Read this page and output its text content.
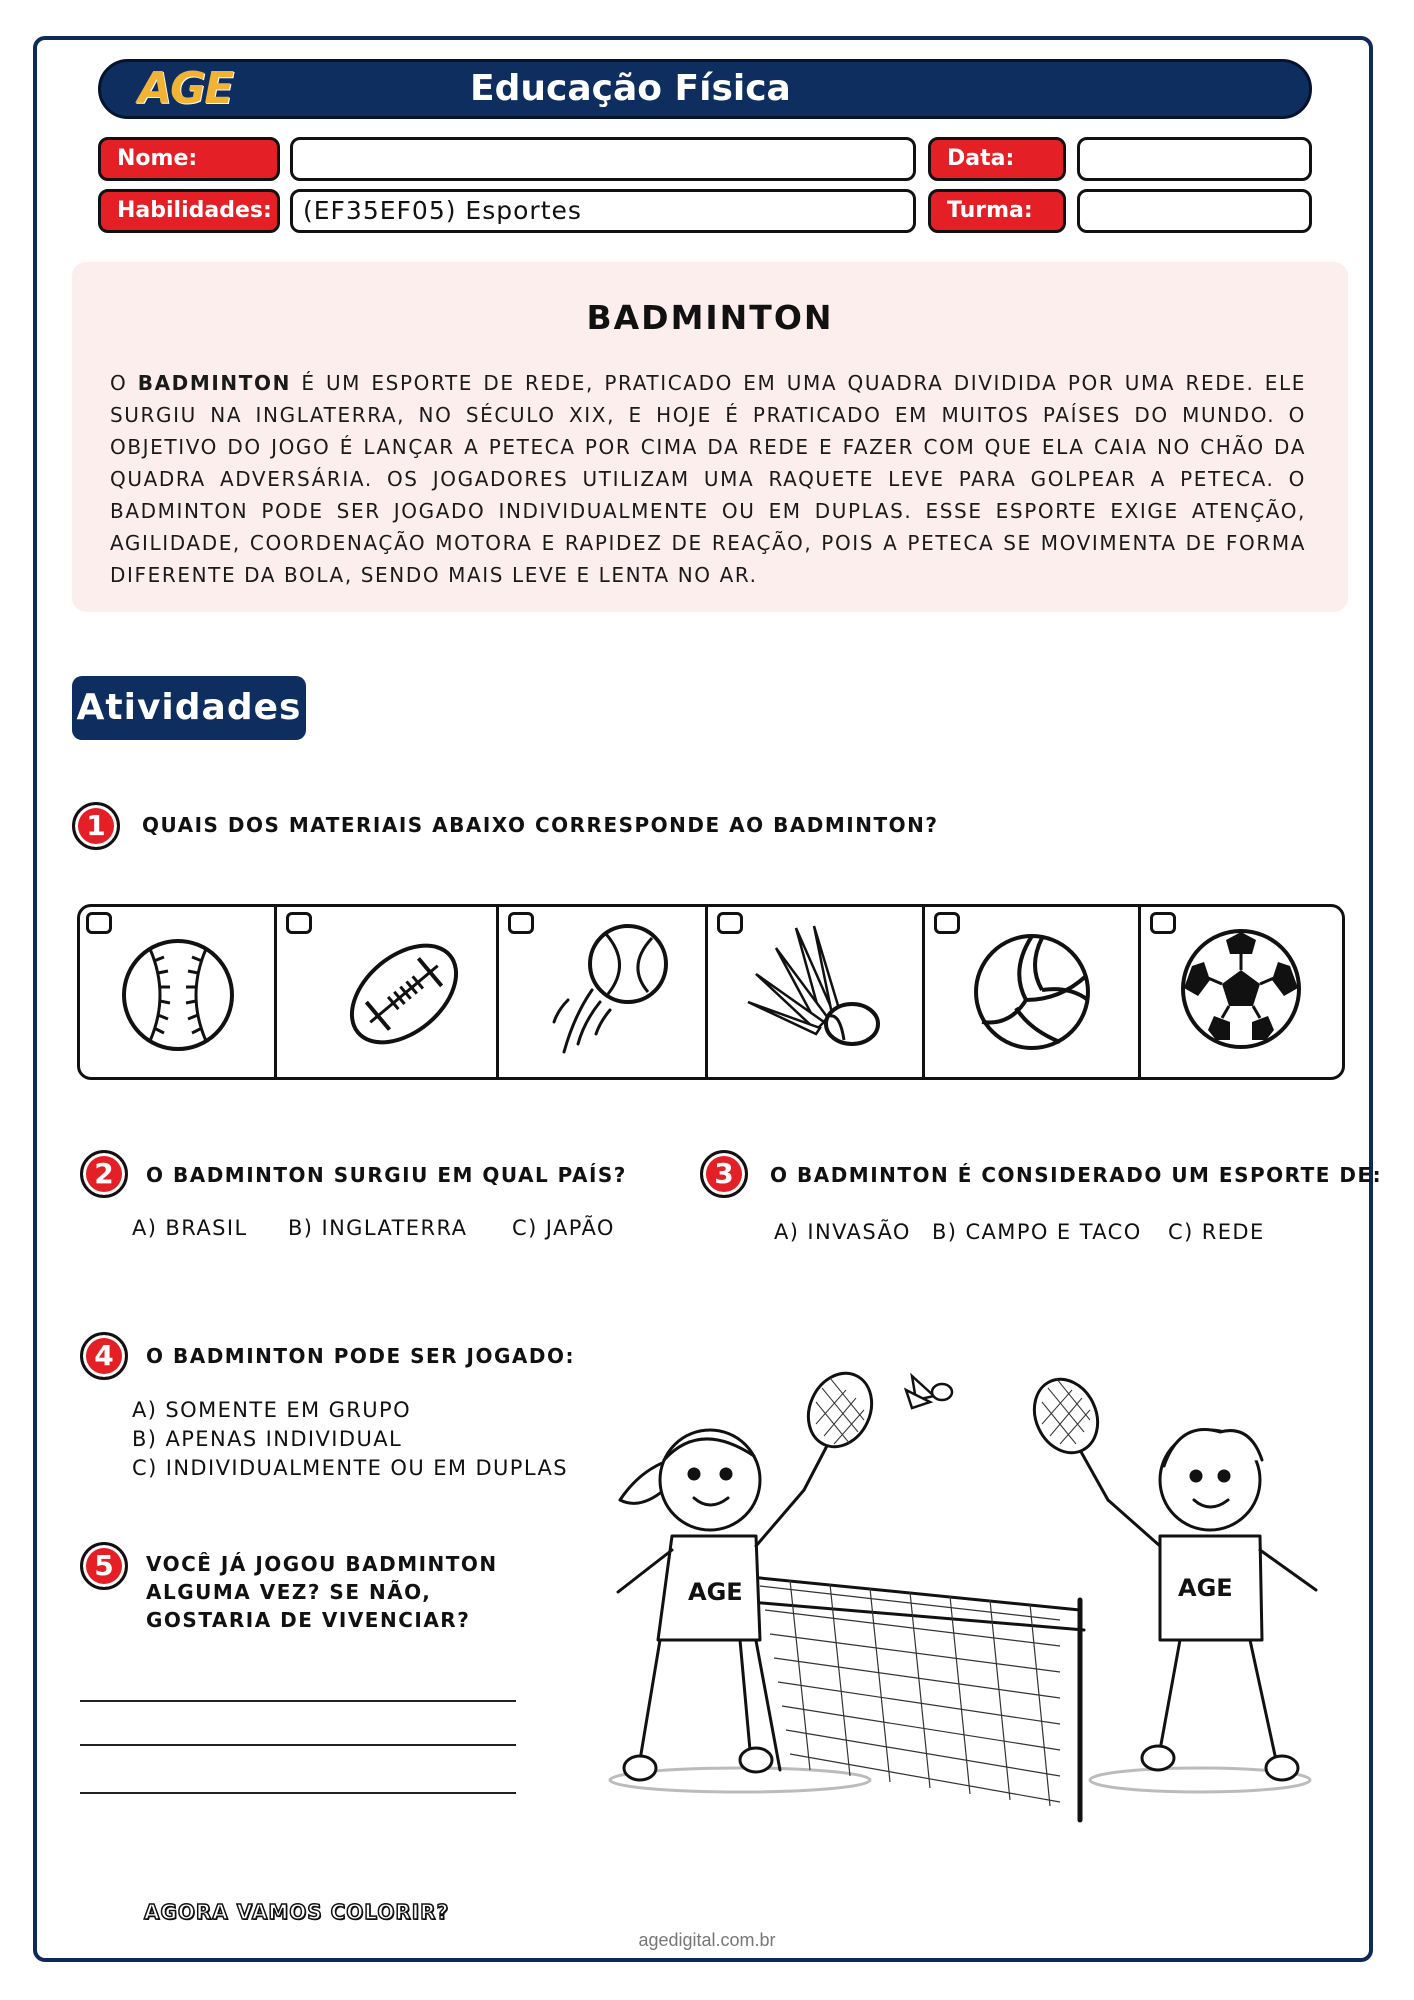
AGE	Educação Física
Nome:	Data:
Habilidades:	(EF35EF05) Esportes	Turma:
BADMINTON
O BADMINTON É UM ESPORTE DE REDE, PRATICADO EM UMA QUADRA DIVIDIDA POR UMA REDE. ELE SURGIU NA INGLATERRA, NO SÉCULO XIX, E HOJE É PRATICADO EM MUITOS PAÍSES DO MUNDO. O OBJETIVO DO JOGO É LANÇAR A PETECA POR CIMA DA REDE E FAZER COM QUE ELA CAIA NO CHÃO DA QUADRA ADVERSÁRIA. OS JOGADORES UTILIZAM UMA RAQUETE LEVE PARA GOLPEAR A PETECA. O BADMINTON PODE SER JOGADO INDIVIDUALMENTE OU EM DUPLAS. ESSE ESPORTE EXIGE ATENÇÃO, AGILIDADE, COORDENAÇÃO MOTORA E RAPIDEZ DE REAÇÃO, POIS A PETECA SE MOVIMENTA DE FORMA DIFERENTE DA BOLA, SENDO MAIS LEVE E LENTA NO AR.
Atividades
1	QUAIS DOS MATERIAIS ABAIXO CORRESPONDE AO BADMINTON?
2	O BADMINTON SURGIU EM QUAL PAÍS?
A) BRASIL B) INGLATERRA C) JAPÃO
3	O BADMINTON É CONSIDERADO UM ESPORTE DE:
A) INVASÃO B) CAMPO E TACO C) REDE
4	O BADMINTON PODE SER JOGADO:
A) SOMENTE EM GRUPO
B) APENAS INDIVIDUAL
C) INDIVIDUALMENTE OU EM DUPLAS
5	VOCÊ JÁ JOGOU BADMINTON
ALGUMA VEZ? SE NÃO,
GOSTARIA DE VIVENCIAR?
AGE	AGE
AGORA VAMOS COLORIR?
agedigital.com.br
